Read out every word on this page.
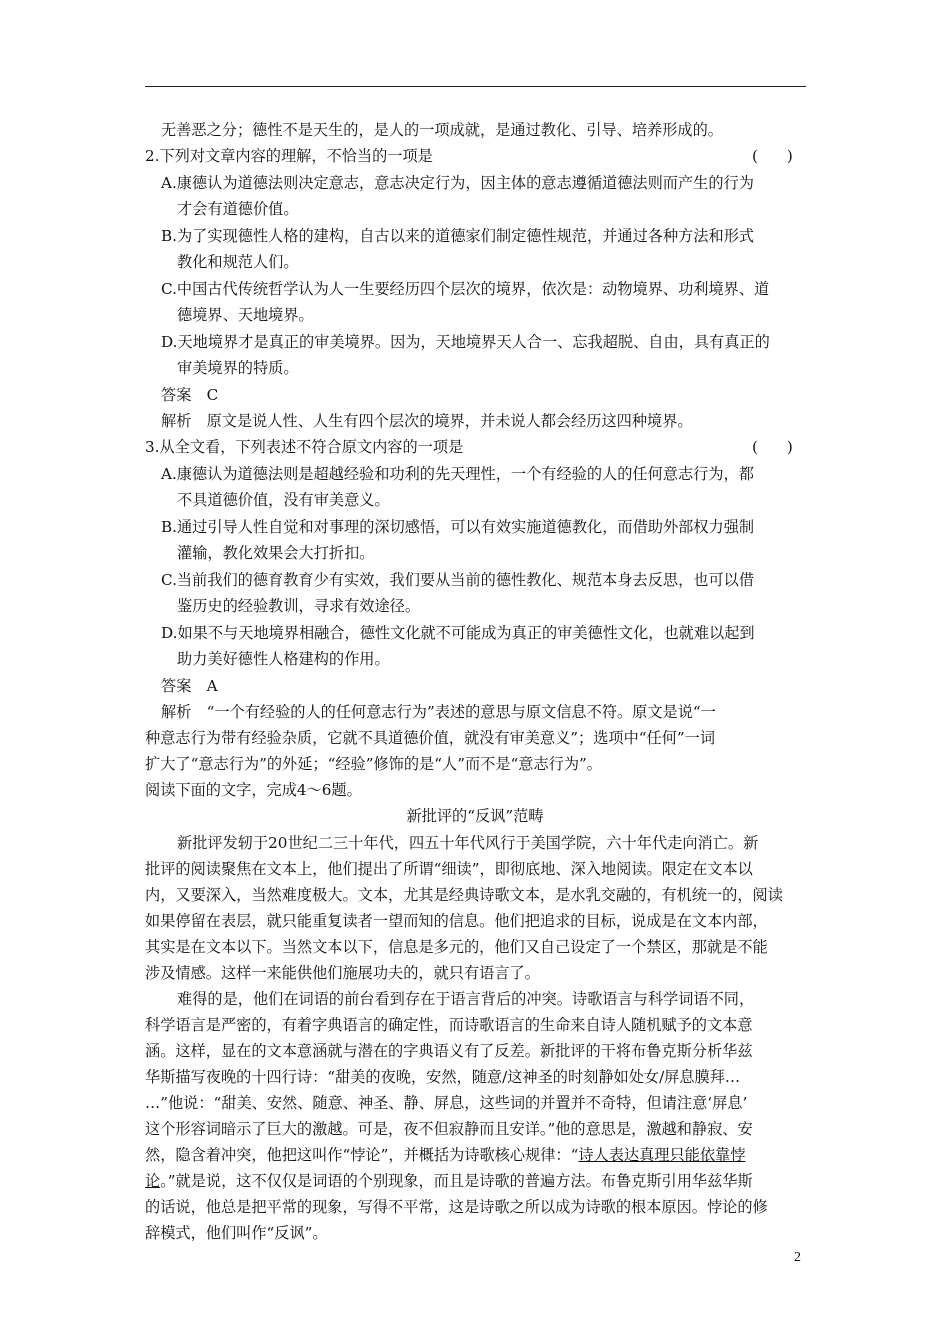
无善恶之分；德性不是天生的，是人的一项成就，是通过教化、引导、培养形成的。
2.下列对文章内容的理解，不恰当的一项是	(      )
A.康德认为道德法则决定意志，意志决定行为，因主体的意志遵循道德法则而产生的行为
才会有道德价值。
B.为了实现德性人格的建构，自古以来的道德家们制定德性规范，并通过各种方法和形式
教化和规范人们。
C.中国古代传统哲学认为人一生要经历四个层次的境界，依次是：动物境界、功利境界、道
德境界、天地境界。
D.天地境界才是真正的审美境界。因为，天地境界天人合一、忘我超脱、自由，具有真正的
审美境界的特质。
答案　C
解析　原文是说人性、人生有四个层次的境界，并未说人都会经历这四种境界。
3.从全文看，下列表述不符合原文内容的一项是	(      )
A.康德认为道德法则是超越经验和功利的先天理性，一个有经验的人的任何意志行为，都
不具道德价值，没有审美意义。
B.通过引导人性自觉和对事理的深切感悟，可以有效实施道德教化，而借助外部权力强制
灌输，教化效果会大打折扣。
C.当前我们的德育教育少有实效，我们要从当前的德性教化、规范本身去反思，也可以借
鉴历史的经验教训，寻求有效途径。
D.如果不与天地境界相融合，德性文化就不可能成为真正的审美德性文化，也就难以起到
助力美好德性人格建构的作用。
答案　A
解析　“一个有经验的人的任何意志行为”表述的意思与原文信息不符。原文是说“一
种意志行为带有经验杂质，它就不具道德价值，就没有审美意义”；选项中“任何”一词
扩大了“意志行为”的外延；“经验”修饰的是“人”而不是“意志行为”。
阅读下面的文字，完成4～6题。
新批评的“反讽”范畴
新批评发轫于20世纪二三十年代，四五十年代风行于美国学院，六十年代走向消亡。新
批评的阅读聚焦在文本上，他们提出了所谓“细读”，即彻底地、深入地阅读。限定在文本以
内，又要深入，当然难度极大。文本，尤其是经典诗歌文本，是水乳交融的，有机统一的，阅读
如果停留在表层，就只能重复读者一望而知的信息。他们把追求的目标，说成是在文本内部，
其实是在文本以下。当然文本以下，信息是多元的，他们又自己设定了一个禁区，那就是不能
涉及情感。这样一来能供他们施展功夫的，就只有语言了。
难得的是，他们在词语的前台看到存在于语言背后的冲突。诗歌语言与科学词语不同，
科学语言是严密的，有着字典语言的确定性，而诗歌语言的生命来自诗人随机赋予的文本意
涵。这样，显在的文本意涵就与潜在的字典语义有了反差。新批评的干将布鲁克斯分析华兹
华斯描写夜晚的十四行诗：“甜美的夜晚，安然，随意/这神圣的时刻静如处女/屏息膜拜…
…”他说：“甜美、安然、随意、神圣、静、屏息，这些词的并置并不奇特，但请注意‘屏息’
这个形容词暗示了巨大的激越。可是，夜不但寂静而且安详。”他的意思是，激越和静寂、安
然，隐含着冲突，他把这叫作“悖论”，并概括为诗歌核心规律：“诗人表达真理只能依靠悖
论。”就是说，这不仅仅是词语的个别现象，而且是诗歌的普遍方法。布鲁克斯引用华兹华斯
的话说，他总是把平常的现象，写得不平常，这是诗歌之所以成为诗歌的根本原因。悖论的修
辞模式，他们叫作“反讽”。
2
